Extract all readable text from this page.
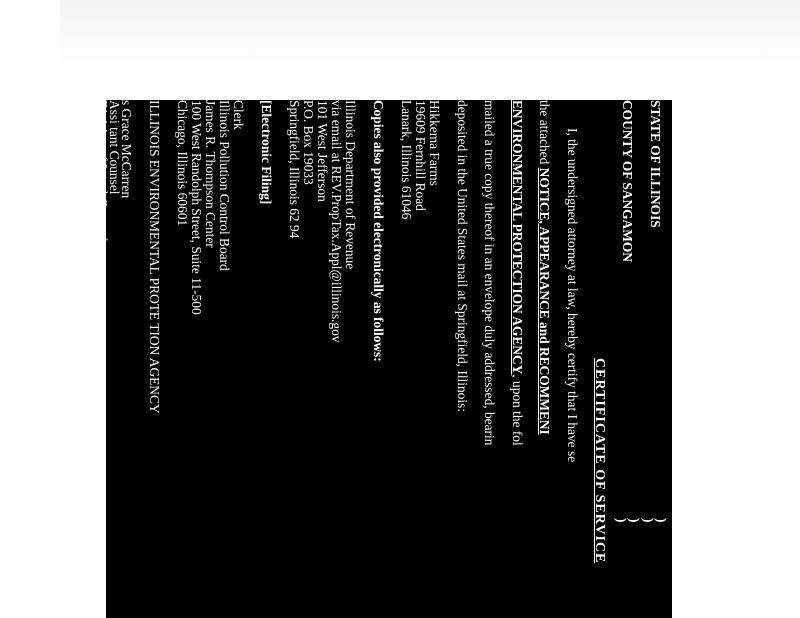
STATE OF ILLINOIS
COUNTY OF SANGAMON
)
)
)
)
CERTIFICATE OF SERVICE
I, the undersigned attorney at law, hereby certify that I have se
the attached NOTICE, APPEARANCE and RECOMMENI
ENVIRONMENTAL PROTECTION AGENCY, upon the fol
mailed a true copy thereof in an envelope duly addressed, bearin
deposited in the United States mail at Springfield, Illinois:
Hikkema Farms
19609 Fernhill Road
Lanark, Illinois 61046
Copies also provided electronically as follows:
Illinois Department of Revenue
via email at REV.PropTax.Appl@illinois.gov
101 West Jefferson
P.O. Box 19033
Springfield, Illinois 62 94
[Electronic Filing]
Clerk
Illinois Pollution Control Board
James R. Thompson Center
100 West Randolph Street, Suite 11-500
Chicago, Illinois 60601
ILLINOIS ENVIRONMENTAL PROTE TION AGENCY
s Grace McCarren
Assi tant Counsel
Division of Legal Counsel
1021 North Grand Avenue Ea t
P.O. Box 192 6
Springfield, Illinois 62 94 92 6
(21 ) 82 5544
(21 ) 82 9143 (TDD)
